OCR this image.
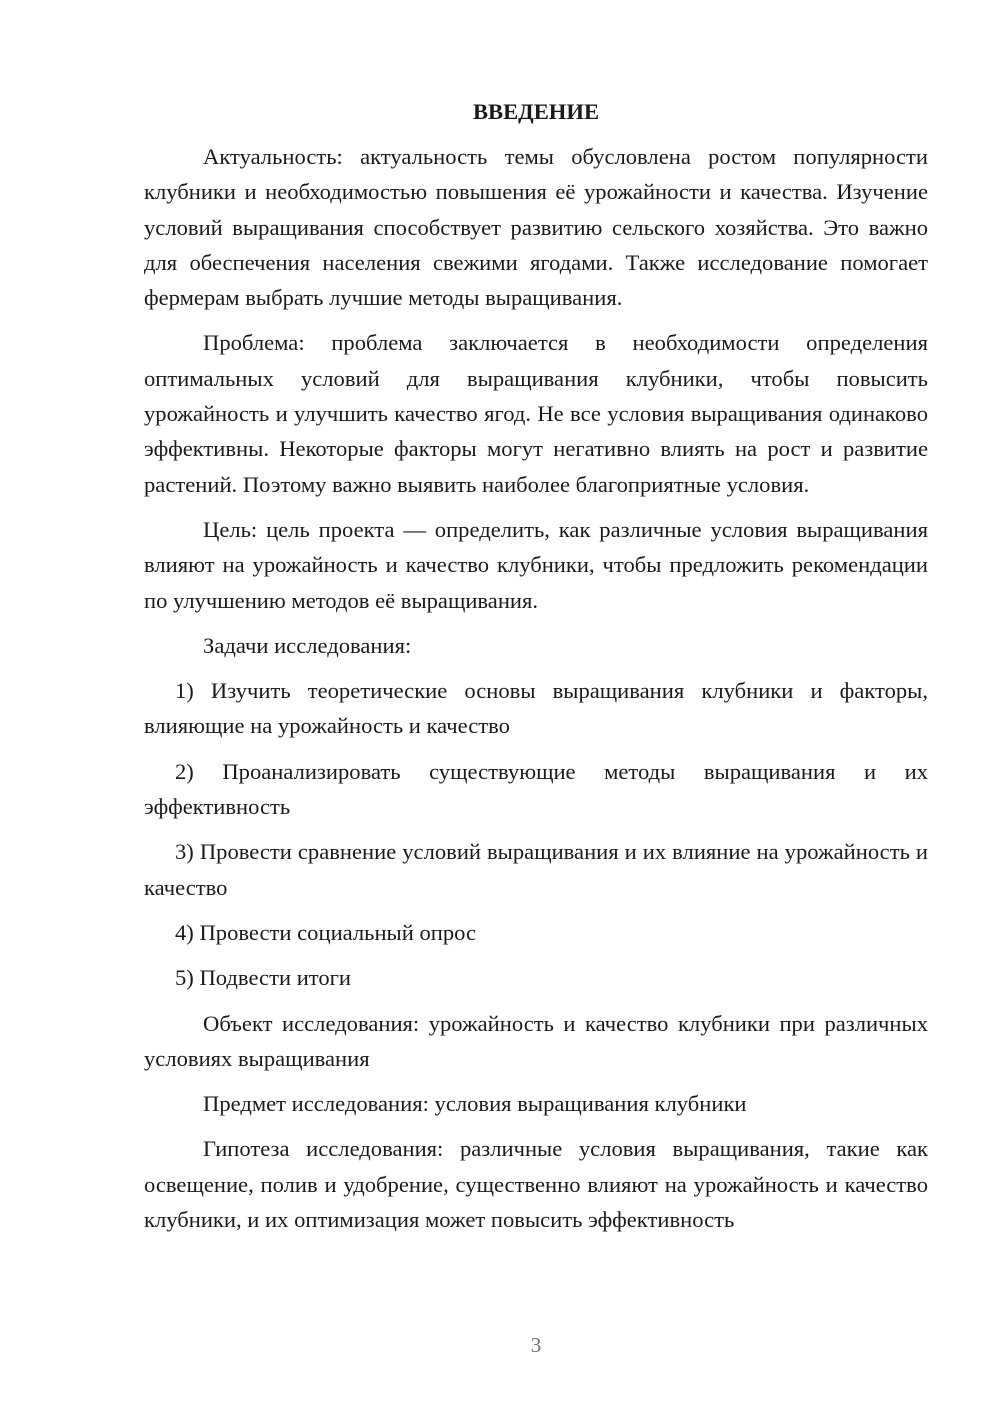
ВВЕДЕНИЕ

Актуальность: актуальность темы обусловлена ростом популярности клубники и необходимостью повышения её урожайности и качества. Изучение условий выращивания способствует развитию сельского хозяйства. Это важно для обеспечения населения свежими ягодами. Также исследование помогает фермерам выбрать лучшие методы выращивания.

Проблема: проблема заключается в необходимости определения оптимальных условий для выращивания клубники, чтобы повысить урожайность и улучшить качество ягод. Не все условия выращивания одинаково эффективны. Некоторые факторы могут негативно влиять на рост и развитие растений. Поэтому важно выявить наиболее благоприятные условия.

Цель: цель проекта — определить, как различные условия выращивания влияют на урожайность и качество клубники, чтобы предложить рекомендации по улучшению методов её выращивания.

Задачи исследования:

1) Изучить теоретические основы выращивания клубники и факторы, влияющие на урожайность и качество

2) Проанализировать существующие методы выращивания и их эффективность

3) Провести сравнение условий выращивания и их влияние на урожайность и качество

4) Провести социальный опрос

5) Подвести итоги

Объект исследования: урожайность и качество клубники при различных условиях выращивания

Предмет исследования: условия выращивания клубники

Гипотеза исследования: различные условия выращивания, такие как освещение, полив и удобрение, существенно влияют на урожайность и качество клубники, и их оптимизация может повысить эффективность

3
